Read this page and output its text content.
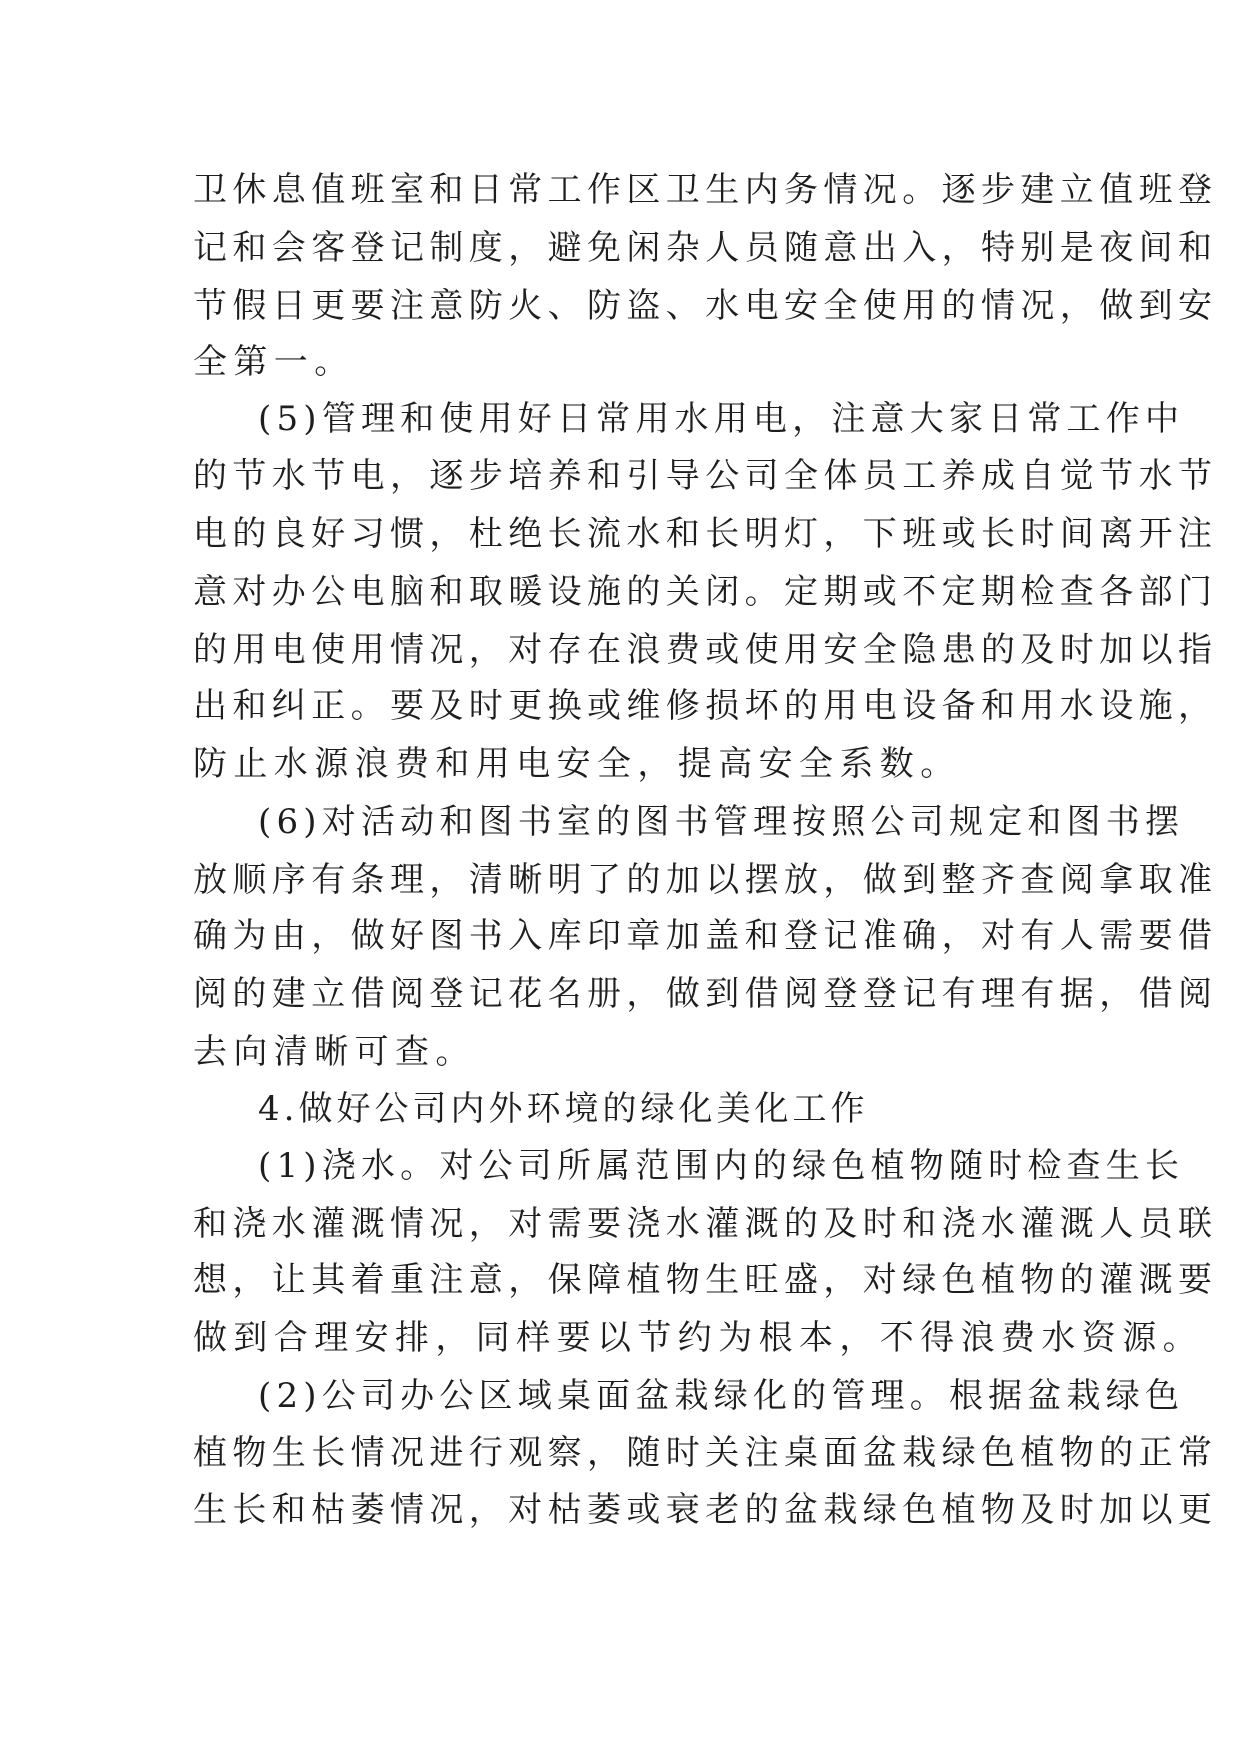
卫休息值班室和日常工作区卫生内务情况。逐步建立值班登

记和会客登记制度，避免闲杂人员随意出入，特别是夜间和

节假日更要注意防火、防盗、水电安全使用的情况，做到安

全第一。

(5)管理和使用好日常用水用电，注意大家日常工作中

的节水节电，逐步培养和引导公司全体员工养成自觉节水节

电的良好习惯，杜绝长流水和长明灯，下班或长时间离开注

意对办公电脑和取暖设施的关闭。定期或不定期检查各部门

的用电使用情况，对存在浪费或使用安全隐患的及时加以指

出和纠正。要及时更换或维修损坏的用电设备和用水设施，

防止水源浪费和用电安全，提高安全系数。

(6)对活动和图书室的图书管理按照公司规定和图书摆

放顺序有条理，清晰明了的加以摆放，做到整齐查阅拿取准

确为由，做好图书入库印章加盖和登记准确，对有人需要借

阅的建立借阅登记花名册，做到借阅登登记有理有据，借阅

去向清晰可查。

4.做好公司内外环境的绿化美化工作

(1)浇水。对公司所属范围内的绿色植物随时检查生长

和浇水灌溉情况，对需要浇水灌溉的及时和浇水灌溉人员联

想，让其着重注意，保障植物生旺盛，对绿色植物的灌溉要

做到合理安排，同样要以节约为根本，不得浪费水资源。

(2)公司办公区域桌面盆栽绿化的管理。根据盆栽绿色

植物生长情况进行观察，随时关注桌面盆栽绿色植物的正常

生长和枯萎情况，对枯萎或衰老的盆栽绿色植物及时加以更
